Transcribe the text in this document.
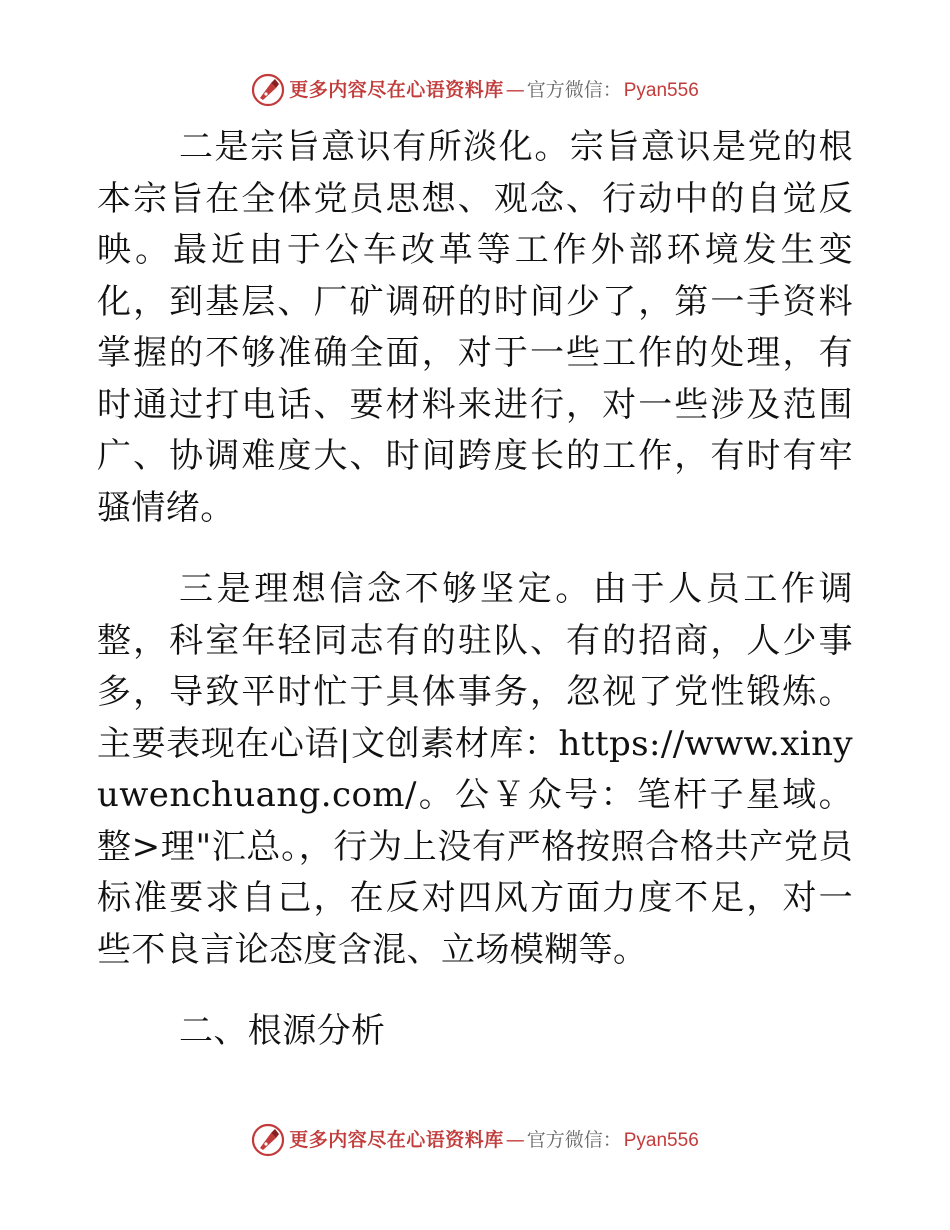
更多内容尽在心语资料库 — 官方微信： Pyan556

二是宗旨意识有所淡化。宗旨意识是党的根本宗旨在全体党员思想、观念、行动中的自觉反映。最近由于公车改革等工作外部环境发生变化，到基层、厂矿调研的时间少了，第一手资料掌握的不够准确全面，对于一些工作的处理，有时通过打电话、要材料来进行，对一些涉及范围广、协调难度大、时间跨度长的工作，有时有牢骚情绪。

三是理想信念不够坚定。由于人员工作调整，科室年轻同志有的驻队、有的招商，人少事多，导致平时忙于具体事务，忽视了党性锻炼。主要表现在心语|文创素材库：https://www.xinyuwenchuang.com/。公￥众号：笔杆子星域。整>理"汇总。，行为上没有严格按照合格共产党员标准要求自己，在反对四风方面力度不足，对一些不良言论态度含混、立场模糊等。

二、根源分析

更多内容尽在心语资料库 — 官方微信： Pyan556
